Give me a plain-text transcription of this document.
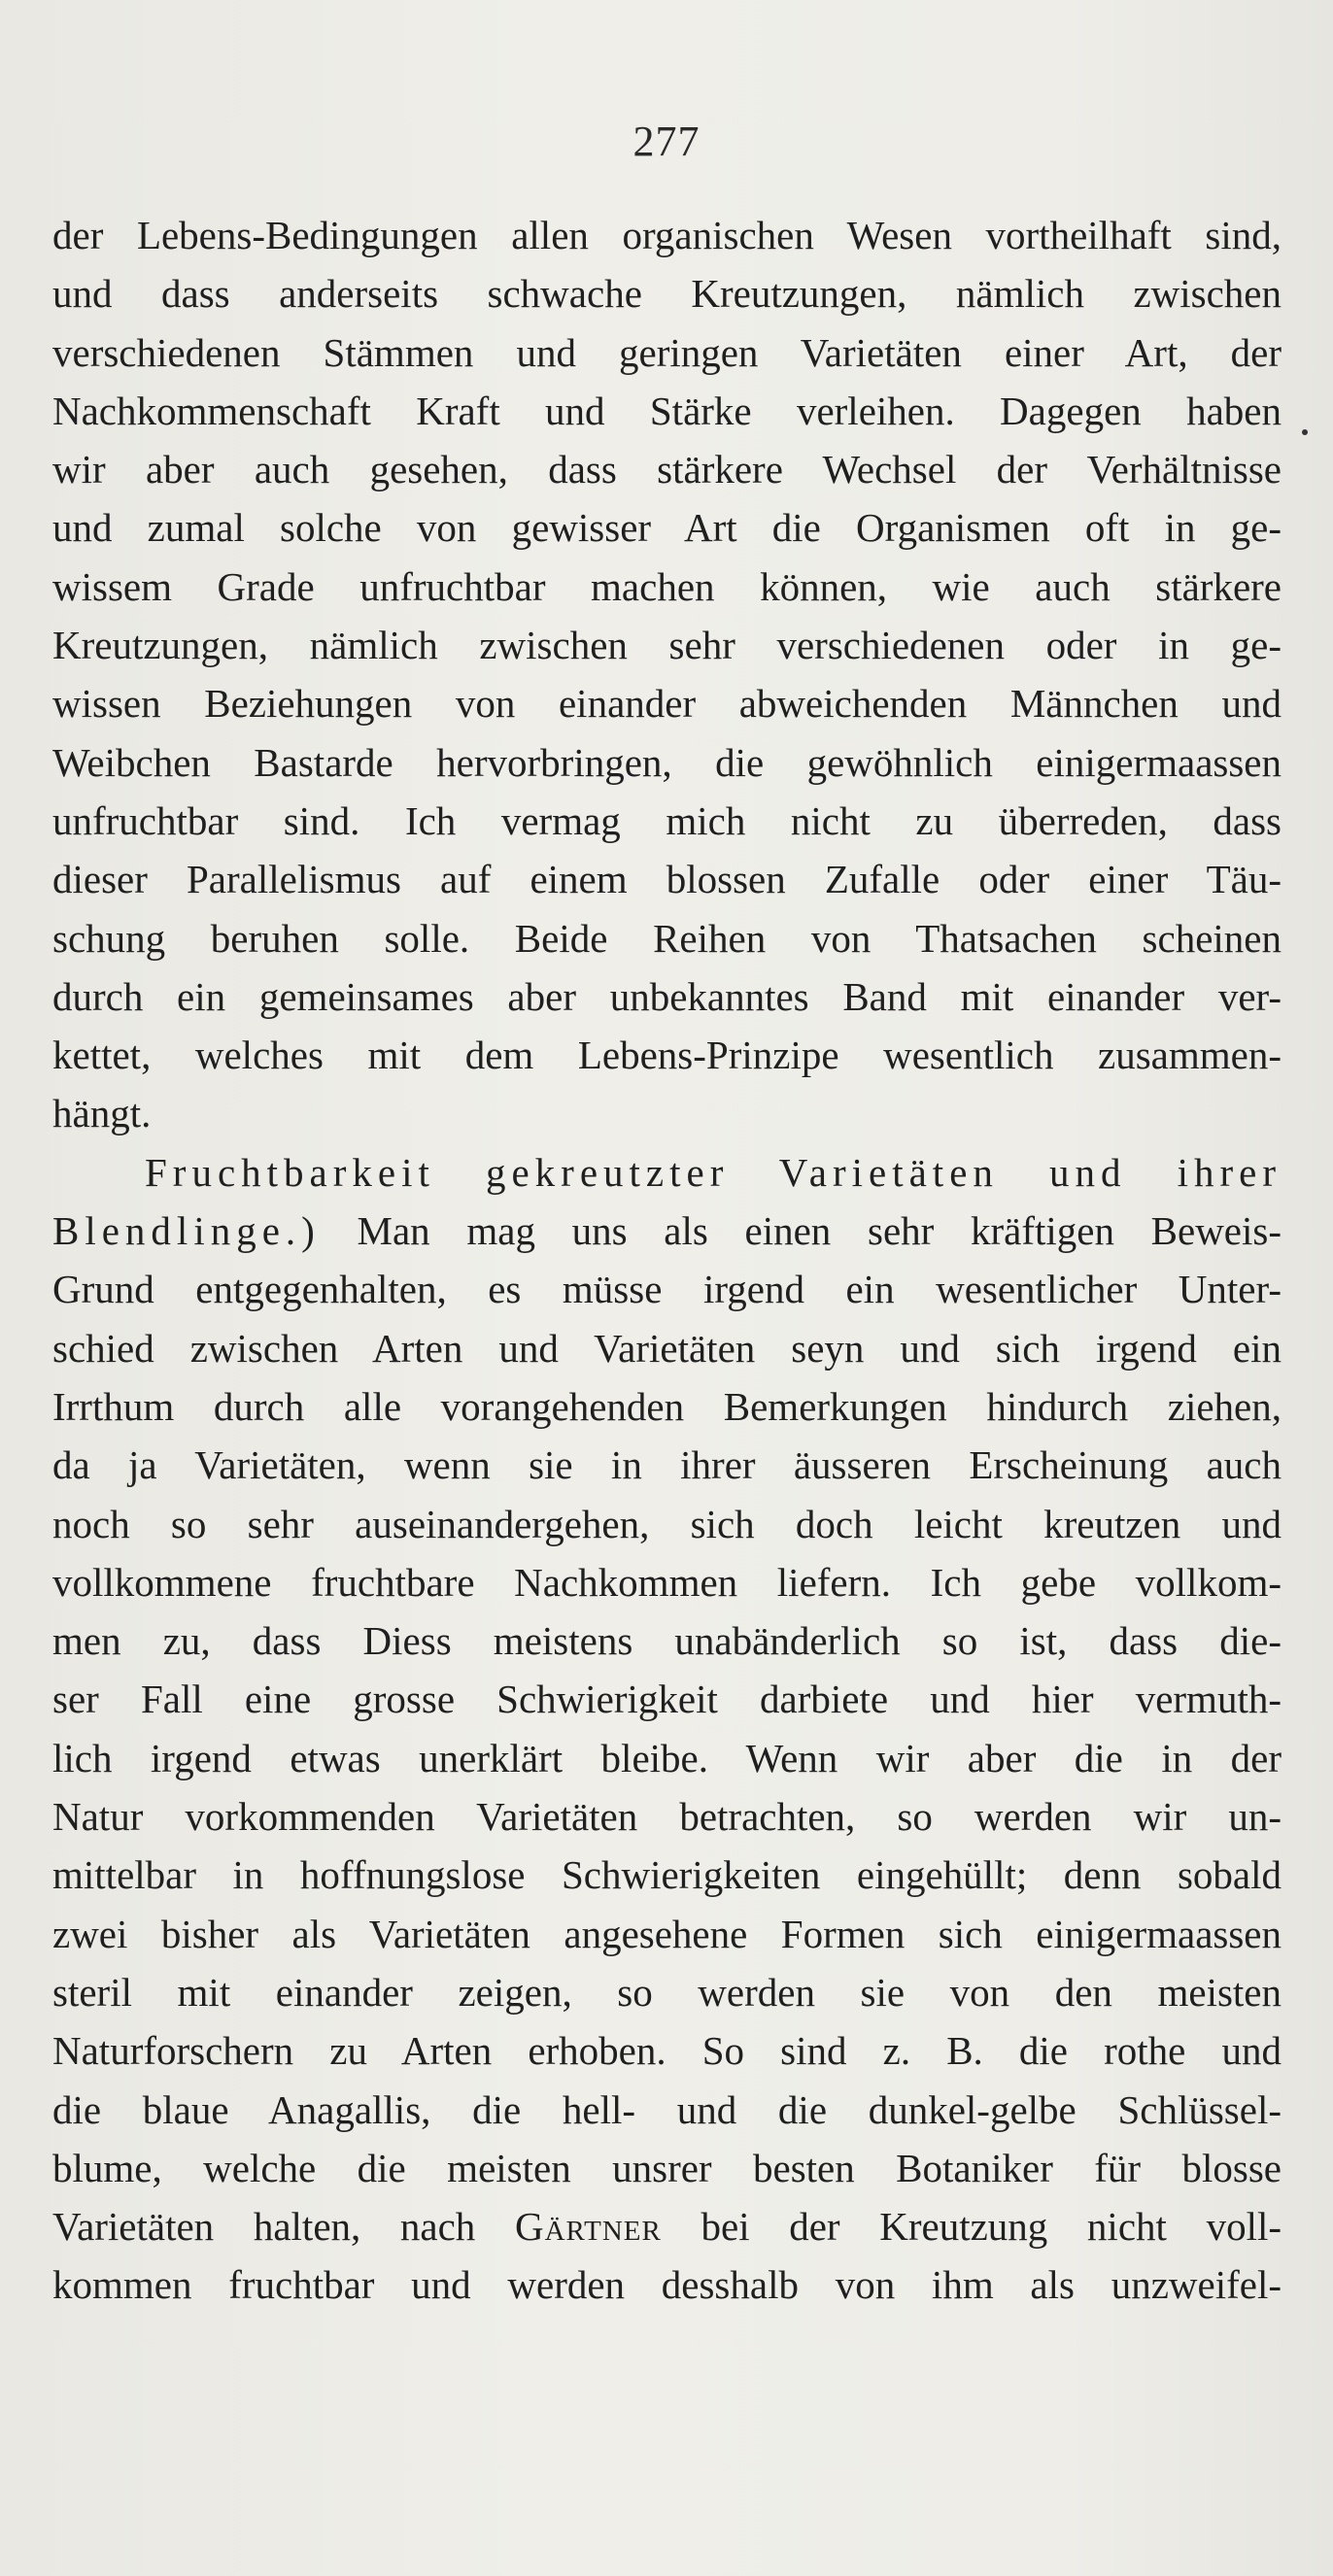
277
der Lebens-Bedingungen allen organischen Wesen vortheilhaft sind,
und dass anderseits schwache Kreutzungen, nämlich zwischen
verschiedenen Stämmen und geringen Varietäten einer Art, der
Nachkommenschaft Kraft und Stärke verleihen. Dagegen haben
wir aber auch gesehen, dass stärkere Wechsel der Verhältnisse
und zumal solche von gewisser Art die Organismen oft in ge-
wissem Grade unfruchtbar machen können, wie auch stärkere
Kreutzungen, nämlich zwischen sehr verschiedenen oder in ge-
wissen Beziehungen von einander abweichenden Männchen und
Weibchen Bastarde hervorbringen, die gewöhnlich einigermaassen
unfruchtbar sind. Ich vermag mich nicht zu überreden, dass
dieser Parallelismus auf einem blossen Zufalle oder einer Täu-
schung beruhen solle. Beide Reihen von Thatsachen scheinen
durch ein gemeinsames aber unbekanntes Band mit einander ver-
kettet, welches mit dem Lebens-Prinzipe wesentlich zusammen-
hängt.
Fruchtbarkeit gekreutzter Varietäten und ihrer
Blendlinge.) Man mag uns als einen sehr kräftigen Beweis-
Grund entgegenhalten, es müsse irgend ein wesentlicher Unter-
schied zwischen Arten und Varietäten seyn und sich irgend ein
Irrthum durch alle vorangehenden Bemerkungen hindurch ziehen,
da ja Varietäten, wenn sie in ihrer äusseren Erscheinung auch
noch so sehr auseinandergehen, sich doch leicht kreutzen und
vollkommene fruchtbare Nachkommen liefern. Ich gebe vollkom-
men zu, dass Diess meistens unabänderlich so ist, dass die-
ser Fall eine grosse Schwierigkeit darbiete und hier vermuth-
lich irgend etwas unerklärt bleibe. Wenn wir aber die in der
Natur vorkommenden Varietäten betrachten, so werden wir un-
mittelbar in hoffnungslose Schwierigkeiten eingehüllt; denn sobald
zwei bisher als Varietäten angesehene Formen sich einigermaassen
steril mit einander zeigen, so werden sie von den meisten
Naturforschern zu Arten erhoben. So sind z. B. die rothe und
die blaue Anagallis, die hell- und die dunkel-gelbe Schlüssel-
blume, welche die meisten unsrer besten Botaniker für blosse
Varietäten halten, nach Gärtner bei der Kreutzung nicht voll-
kommen fruchtbar und werden desshalb von ihm als unzweifel-
